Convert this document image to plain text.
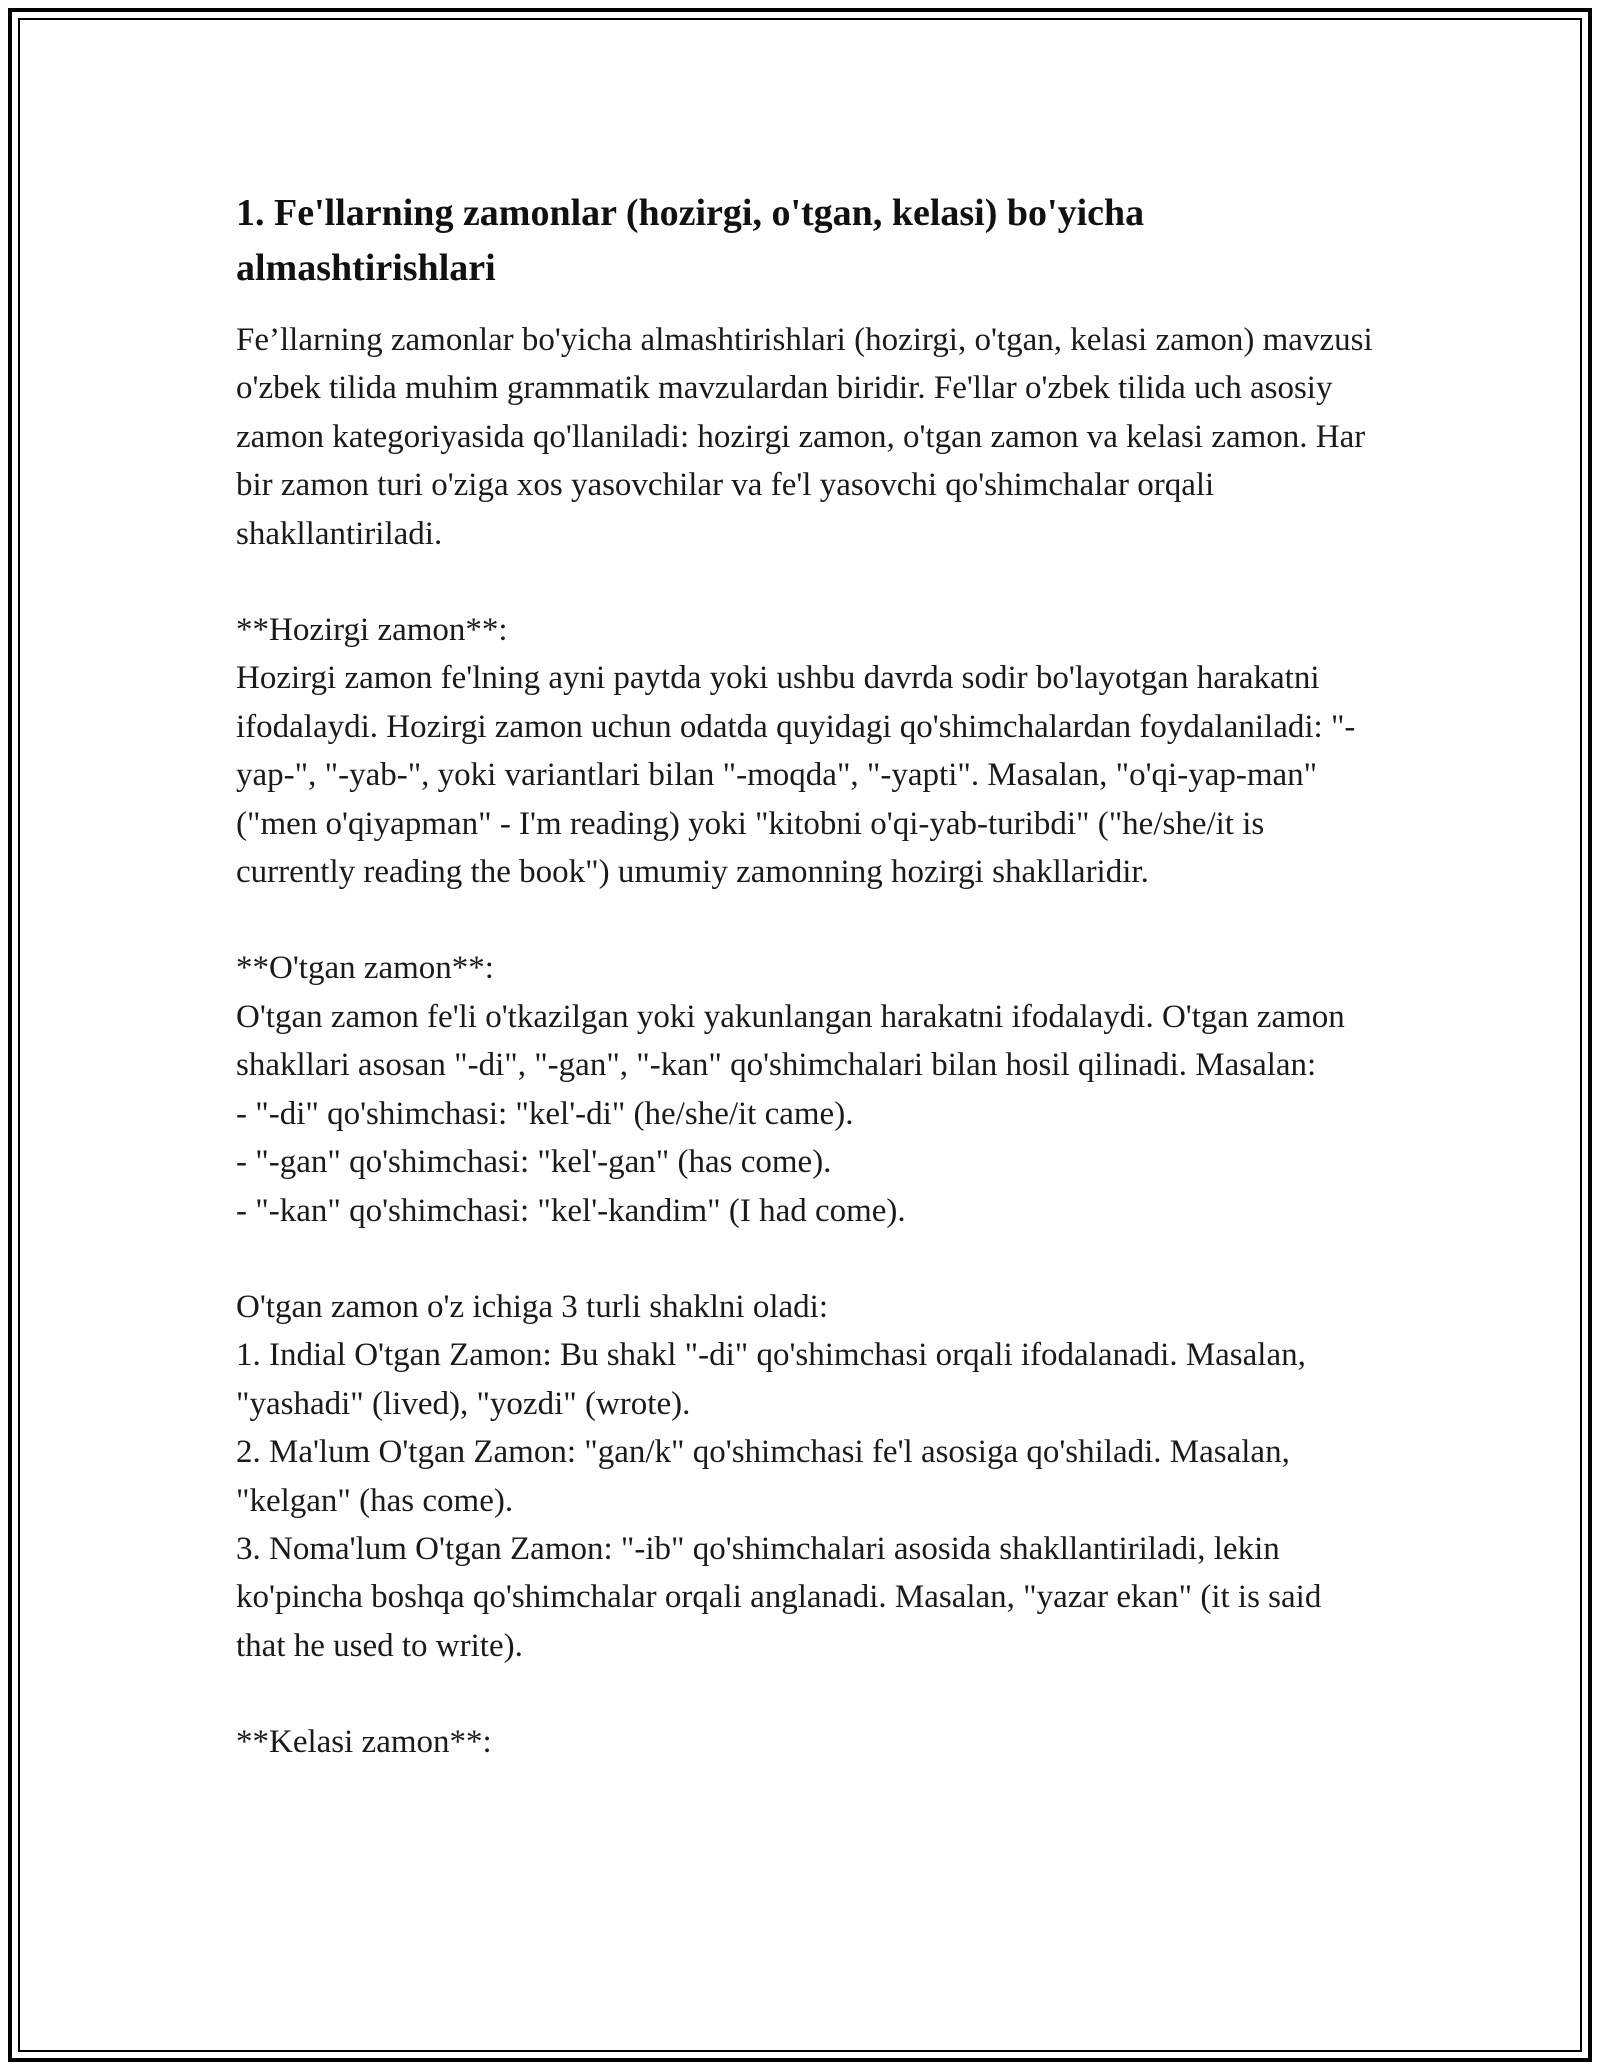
1. Fe'llarning zamonlar (hozirgi, o'tgan, kelasi) bo'yicha almashtirishlari

Fe’llarning zamonlar bo'yicha almashtirishlari (hozirgi, o'tgan, kelasi zamon) mavzusi o'zbek tilida muhim grammatik mavzulardan biridir. Fe'llar o'zbek tilida uch asosiy zamon kategoriyasida qo'llaniladi: hozirgi zamon, o'tgan zamon va kelasi zamon. Har bir zamon turi o'ziga xos yasovchilar va fe'l yasovchi qo'shimchalar orqali shakllantiriladi.

**Hozirgi zamon**:

Hozirgi zamon fe'lning ayni paytda yoki ushbu davrda sodir bo'layotgan harakatni ifodalaydi. Hozirgi zamon uchun odatda quyidagi qo'shimchalardan foydalaniladi: "-yap-", "-yab-", yoki variantlari bilan "-moqda", "-yapti". Masalan, "o'qi-yap-man" ("men o'qiyapman" - I'm reading) yoki "kitobni o'qi-yab-turibdi" ("he/she/it is currently reading the book") umumiy zamonning hozirgi shakllaridir.

**O'tgan zamon**:

O'tgan zamon fe'li o'tkazilgan yoki yakunlangan harakatni ifodalaydi. O'tgan zamon shakllari asosan "-di", "-gan", "-kan" qo'shimchalari bilan hosil qilinadi. Masalan:

- "-di" qo'shimchasi: "kel'-di" (he/she/it came).

- "-gan" qo'shimchasi: "kel'-gan" (has come).

- "-kan" qo'shimchasi: "kel'-kandim" (I had come).

O'tgan zamon o'z ichiga 3 turli shaklni oladi:

1. Indial O'tgan Zamon: Bu shakl "-di" qo'shimchasi orqali ifodalanadi. Masalan, "yashadi" (lived), "yozdi" (wrote).

2. Ma'lum O'tgan Zamon: "gan/k" qo'shimchasi fe'l asosiga qo'shiladi. Masalan, "kelgan" (has come).

3. Noma'lum O'tgan Zamon: "-ib" qo'shimchalari asosida shakllantiriladi, lekin ko'pincha boshqa qo'shimchalar orqali anglanadi. Masalan, "yazar ekan" (it is said that he used to write).

**Kelasi zamon**:
